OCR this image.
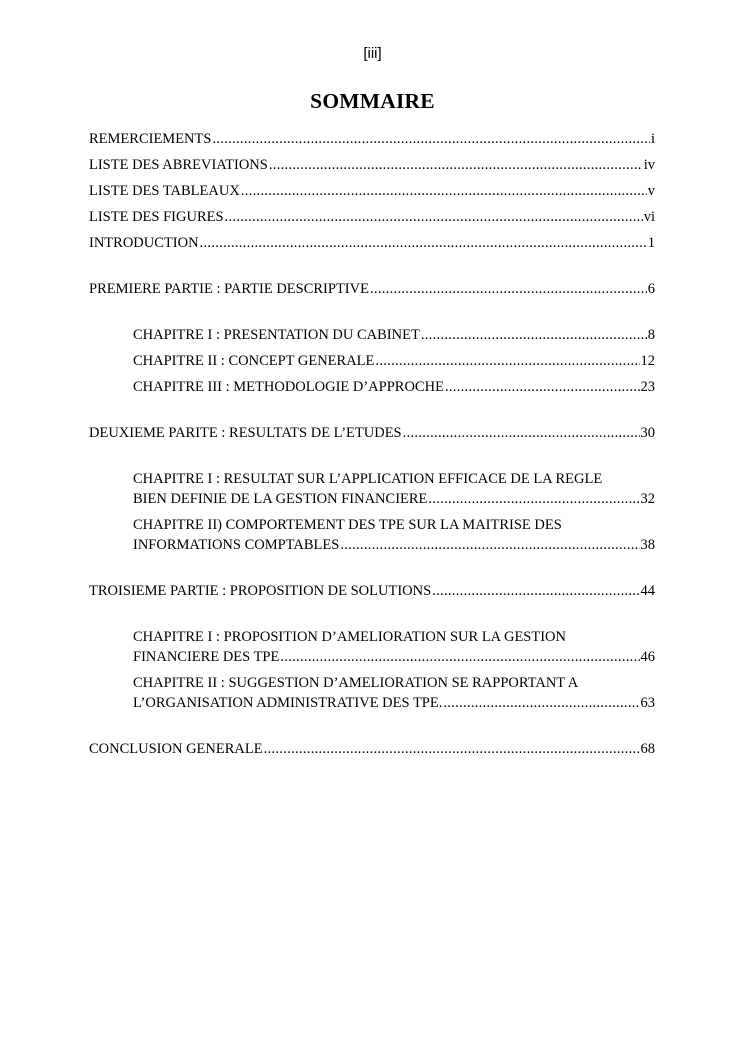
[iii]
SOMMAIRE
REMERCIEMENTS .....	i
LISTE DES ABREVIATIONS .....	iv
LISTE DES TABLEAUX .....	v
LISTE DES FIGURES .....	vi
INTRODUCTION .....	1
PREMIERE PARTIE : PARTIE DESCRIPTIVE .....	6
CHAPITRE I : PRESENTATION DU CABINET .....	8
CHAPITRE II : CONCEPT GENERALE .....	12
CHAPITRE III : METHODOLOGIE D’APPROCHE .....	23
DEUXIEME PARITE : RESULTATS DE L’ETUDES .....	30
CHAPITRE I : RESULTAT SUR L’APPLICATION EFFICACE DE LA REGLE
BIEN DEFINIE DE LA GESTION FINANCIERE .....	32
CHAPITRE II) COMPORTEMENT DES TPE SUR LA MAITRISE DES
INFORMATIONS COMPTABLES .....	38
TROISIEME PARTIE : PROPOSITION DE SOLUTIONS .....	44
CHAPITRE I : PROPOSITION D’AMELIORATION SUR LA GESTION
FINANCIERE DES TPE .....	46
CHAPITRE II : SUGGESTION D’AMELIORATION SE RAPPORTANT A
L’ORGANISATION ADMINISTRATIVE DES TPE. .....	63
CONCLUSION GENERALE .....	68
